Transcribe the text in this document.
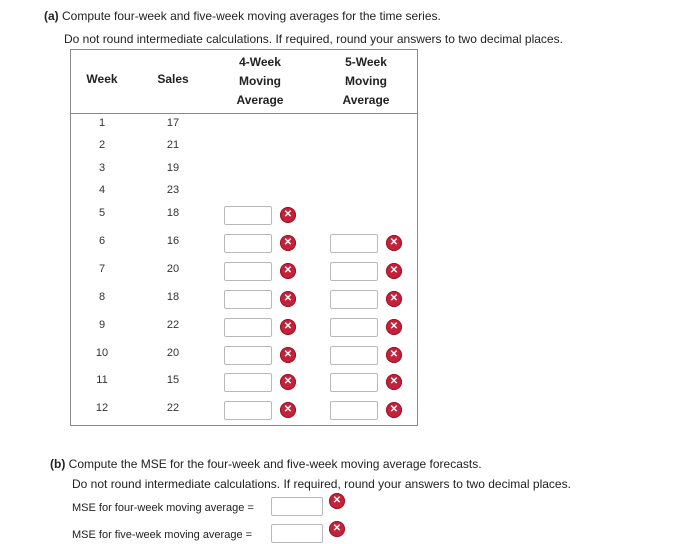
(a) Compute four-week and five-week moving averages for the time series.
Do not round intermediate calculations. If required, round your answers to two decimal places.
Week	Sales
4-Week
Moving
Average
5-Week
Moving
Average
1
2
3
4
5
6
7
8
9
10
11
12
17
21
19
23
18
16
20
18
22
20
15
22
✕
✕
✕
✕
✕
✕
✕
✕
✕
✕
✕
✕
✕
✕
✕
(b) Compute the MSE for the four-week and five-week moving average forecasts.
Do not round intermediate calculations. If required, round your answers to two decimal places.
MSE for four-week moving average =
✕
MSE for five-week moving average =
✕
